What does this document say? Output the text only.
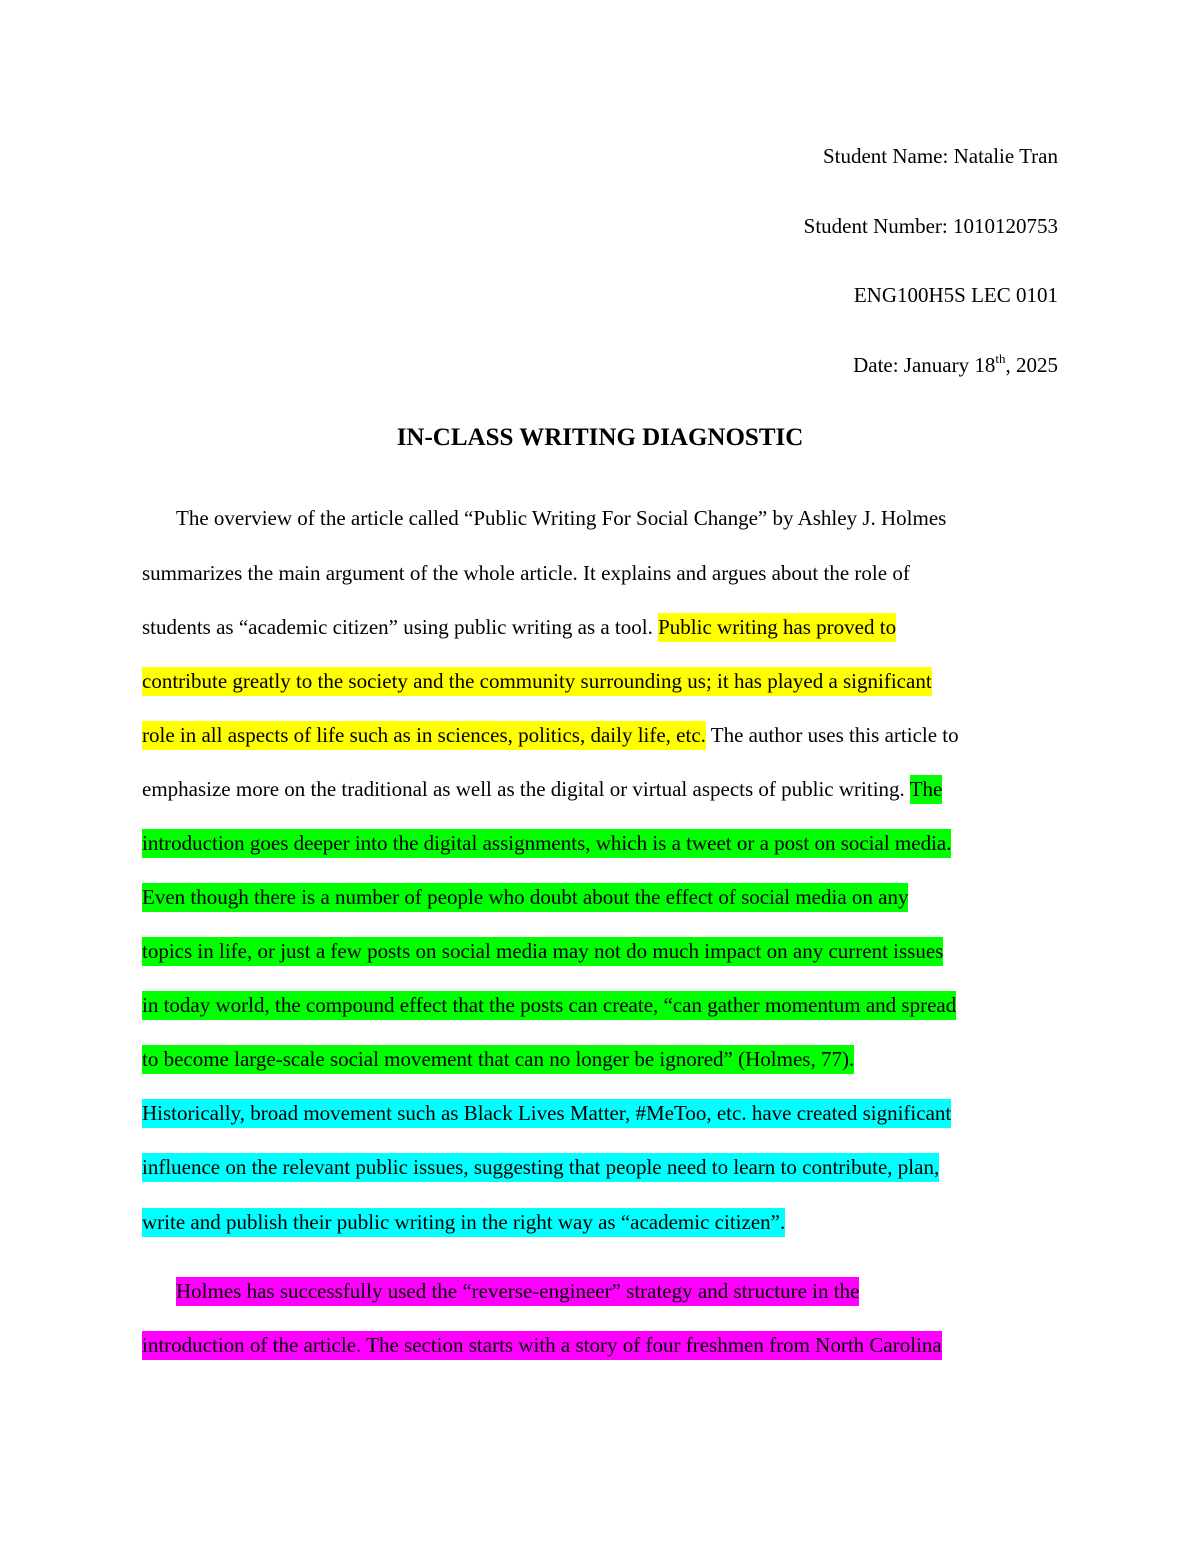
Student Name: Natalie Tran
Student Number: 1010120753
ENG100H5S LEC 0101
Date: January 18th, 2025
IN-CLASS WRITING DIAGNOSTIC
The overview of the article called “Public Writing For Social Change” by Ashley J. Holmes
summarizes the main argument of the whole article. It explains and argues about the role of
students as “academic citizen” using public writing as a tool. Public writing has proved to
contribute greatly to the society and the community surrounding us; it has played a significant
role in all aspects of life such as in sciences, politics, daily life, etc. The author uses this article to
emphasize more on the traditional as well as the digital or virtual aspects of public writing. The
introduction goes deeper into the digital assignments, which is a tweet or a post on social media.
Even though there is a number of people who doubt about the effect of social media on any
topics in life, or just a few posts on social media may not do much impact on any current issues
in today world, the compound effect that the posts can create, “can gather momentum and spread
to become large-scale social movement that can no longer be ignored” (Holmes, 77).
Historically, broad movement such as Black Lives Matter, #MeToo, etc. have created significant
influence on the relevant public issues, suggesting that people need to learn to contribute, plan,
write and publish their public writing in the right way as “academic citizen”.
Holmes has successfully used the “reverse-engineer” strategy and structure in the
introduction of the article. The section starts with a story of four freshmen from North Carolina
